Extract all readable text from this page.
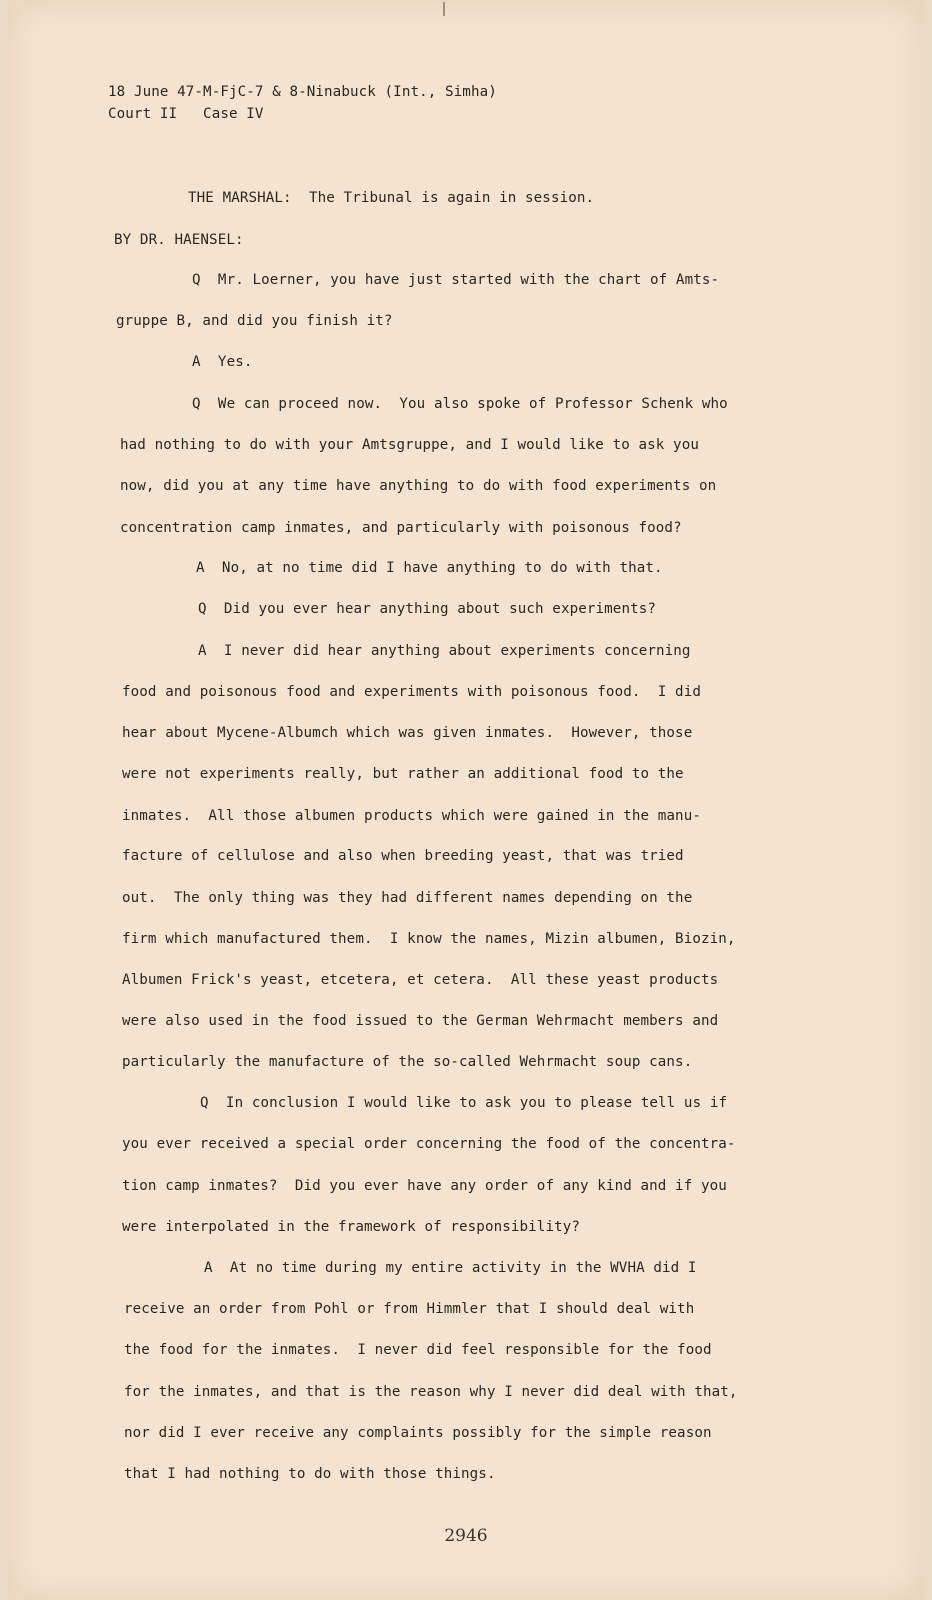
18 June 47-M-FjC-7 & 8-Ninabuck (Int., Simha)
Court II   Case IV
THE MARSHAL:  The Tribunal is again in session.
BY DR. HAENSEL:
Q  Mr. Loerner, you have just started with the chart of Amts-
gruppe B, and did you finish it?
A  Yes.
Q  We can proceed now.  You also spoke of Professor Schenk who
had nothing to do with your Amtsgruppe, and I would like to ask you
now, did you at any time have anything to do with food experiments on
concentration camp inmates, and particularly with poisonous food?
A  No, at no time did I have anything to do with that.
Q  Did you ever hear anything about such experiments?
A  I never did hear anything about experiments concerning
food and poisonous food and experiments with poisonous food.  I did
hear about Mycene-Albumch which was given inmates.  However, those
were not experiments really, but rather an additional food to the
inmates.  All those albumen products which were gained in the manu-
facture of cellulose and also when breeding yeast, that was tried
out.  The only thing was they had different names depending on the
firm which manufactured them.  I know the names, Mizin albumen, Biozin,
Albumen Frick's yeast, etcetera, et cetera.  All these yeast products
were also used in the food issued to the German Wehrmacht members and
particularly the manufacture of the so-called Wehrmacht soup cans.
Q  In conclusion I would like to ask you to please tell us if
you ever received a special order concerning the food of the concentra-
tion camp inmates?  Did you ever have any order of any kind and if you
were interpolated in the framework of responsibility?
A  At no time during my entire activity in the WVHA did I
receive an order from Pohl or from Himmler that I should deal with
the food for the inmates.  I never did feel responsible for the food
for the inmates, and that is the reason why I never did deal with that,
nor did I ever receive any complaints possibly for the simple reason
that I had nothing to do with those things.
2946
